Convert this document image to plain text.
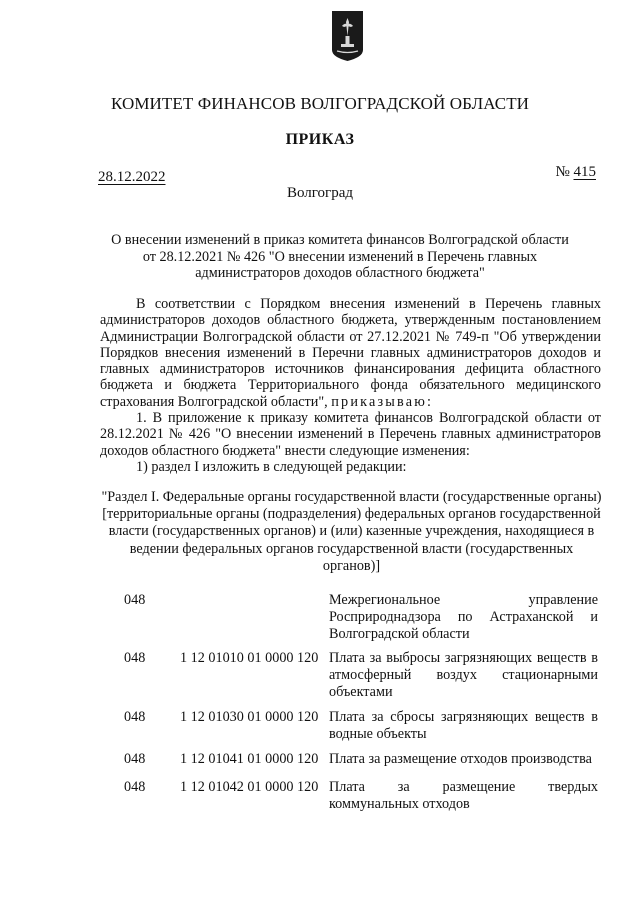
КОМИТЕТ ФИНАНСОВ ВОЛГОГРАДСКОЙ ОБЛАСТИ
ПРИКАЗ
28.12.2022	№ 415
Волгоград
О внесении изменений в приказ комитета финансов Волгоградской области
от 28.12.2021 № 426 "О внесении изменений в Перечень главных
администраторов доходов областного бюджета"

В соответствии с Порядком внесения изменений в Перечень главных администраторов доходов областного бюджета, утвержденным постановлением Администрации Волгоградской области от 27.12.2021 № 749-п "Об утверждении Порядков внесения изменений в Перечни главных администраторов доходов и главных администраторов источников финансирования дефицита областного бюджета и бюджета Территориального фонда обязательного медицинского страхования Волгоградской области", приказываю:

1. В приложение к приказу комитета финансов Волгоградской области от 28.12.2021 № 426 "О внесении изменений в Перечень главных администраторов доходов областного бюджета" внести следующие изменения:

1) раздел I изложить в следующей редакции:

"Раздел I. Федеральные органы государственной власти (государственные органы) [территориальные органы (подразделения) федеральных органов государственной власти (государственных органов) и (или) казенные учреждения, находящиеся в ведении федеральных органов государственной власти (государственных органов)]
048	Межрегиональное управление Росприроднадзора по Астраханской и Волгоградской области
048 1 12 01010 01 0000 120 Плата за выбросы загрязняющих веществ в атмосферный воздух стационарными объектами
048 1 12 01030 01 0000 120 Плата за сбросы загрязняющих веществ в водные объекты
048 1 12 01041 01 0000 120 Плата за размещение отходов производства
048 1 12 01042 01 0000 120 Плата за размещение твердых коммунальных отходов
